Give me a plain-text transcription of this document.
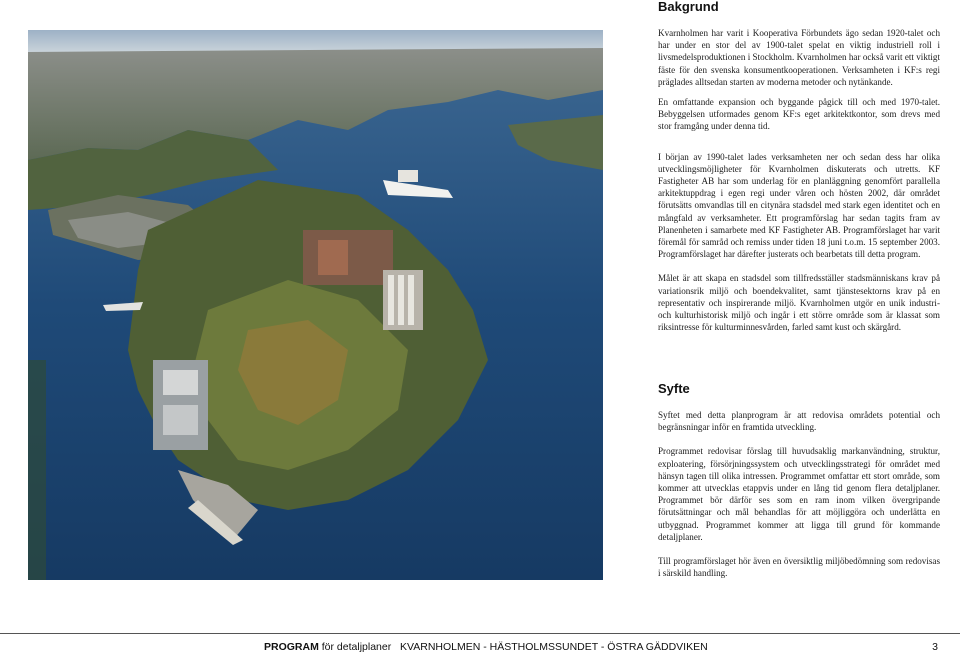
Bakgrund

Kvarnholmen har varit i Kooperativa Förbundets ägo sedan 1920-talet och har under en stor del av 1900-talet spelat en viktig industriell roll i livsmedelsproduktionen i Stockholm. Kvarnholmen har också varit ett viktigt fäste för den svenska konsumentkooperationen. Verksamheten i KF:s regi präglades alltsedan starten av moderna metoder och nytänkande.

En omfattande expansion och byggande pågick till och med 1970-talet. Bebyggelsen utformades genom KF:s eget arkitektkontor, som drevs med stor framgång under denna tid.

I början av 1990-talet lades verksamheten ner och sedan dess har olika utvecklingsmöjligheter för Kvarnholmen diskuterats och utretts. KF Fastigheter AB har som underlag för en planläggning genomfört parallella arkitektuppdrag i egen regi under våren och hösten 2002, där området förutsätts omvandlas till en citynära stadsdel med stark egen identitet och en mångfald av verksamheter. Ett programförslag har sedan tagits fram av Planenheten i samarbete med KF Fastigheter AB. Programförslaget har varit föremål för samråd och remiss under tiden 18 juni t.o.m. 15 september 2003. Programförslaget har därefter justerats och bearbetats till detta program.

Målet är att skapa en stadsdel som tillfredsställer stadsmänniskans krav på variationsrik miljö och boendekvalitet, samt tjänstesektorns krav på en representativ och inspirerande miljö. Kvarnholmen utgör en unik industri- och kulturhistorisk miljö och ingår i ett större område som är klassat som riksintresse för kulturminnesvården, farled samt kust och skärgård.

Syfte

Syftet med detta planprogram är att redovisa områdets potential och begränsningar inför en framtida utveckling.

Programmet redovisar förslag till huvudsaklig markanvändning, struktur, exploatering, försörjningssystem och utvecklingsstrategi för området med hänsyn tagen till olika intressen. Programmet omfattar ett stort område, som kommer att utvecklas etappvis under en lång tid genom flera detaljplaner. Programmet bör därför ses som en ram inom vilken övergripande förutsättningar och mål behandlas för att möjliggöra och underlätta en utbyggnad. Programmet kommer att ligga till grund för kommande detaljplaner.

Till programförslaget hör även en översiktlig miljöbedömning som redovisas i särskild handling.

PROGRAM för detaljplaner KVARNHOLMEN - HÄSTHOLMSSUNDET - ÖSTRA GÄDDVIKEN	3
